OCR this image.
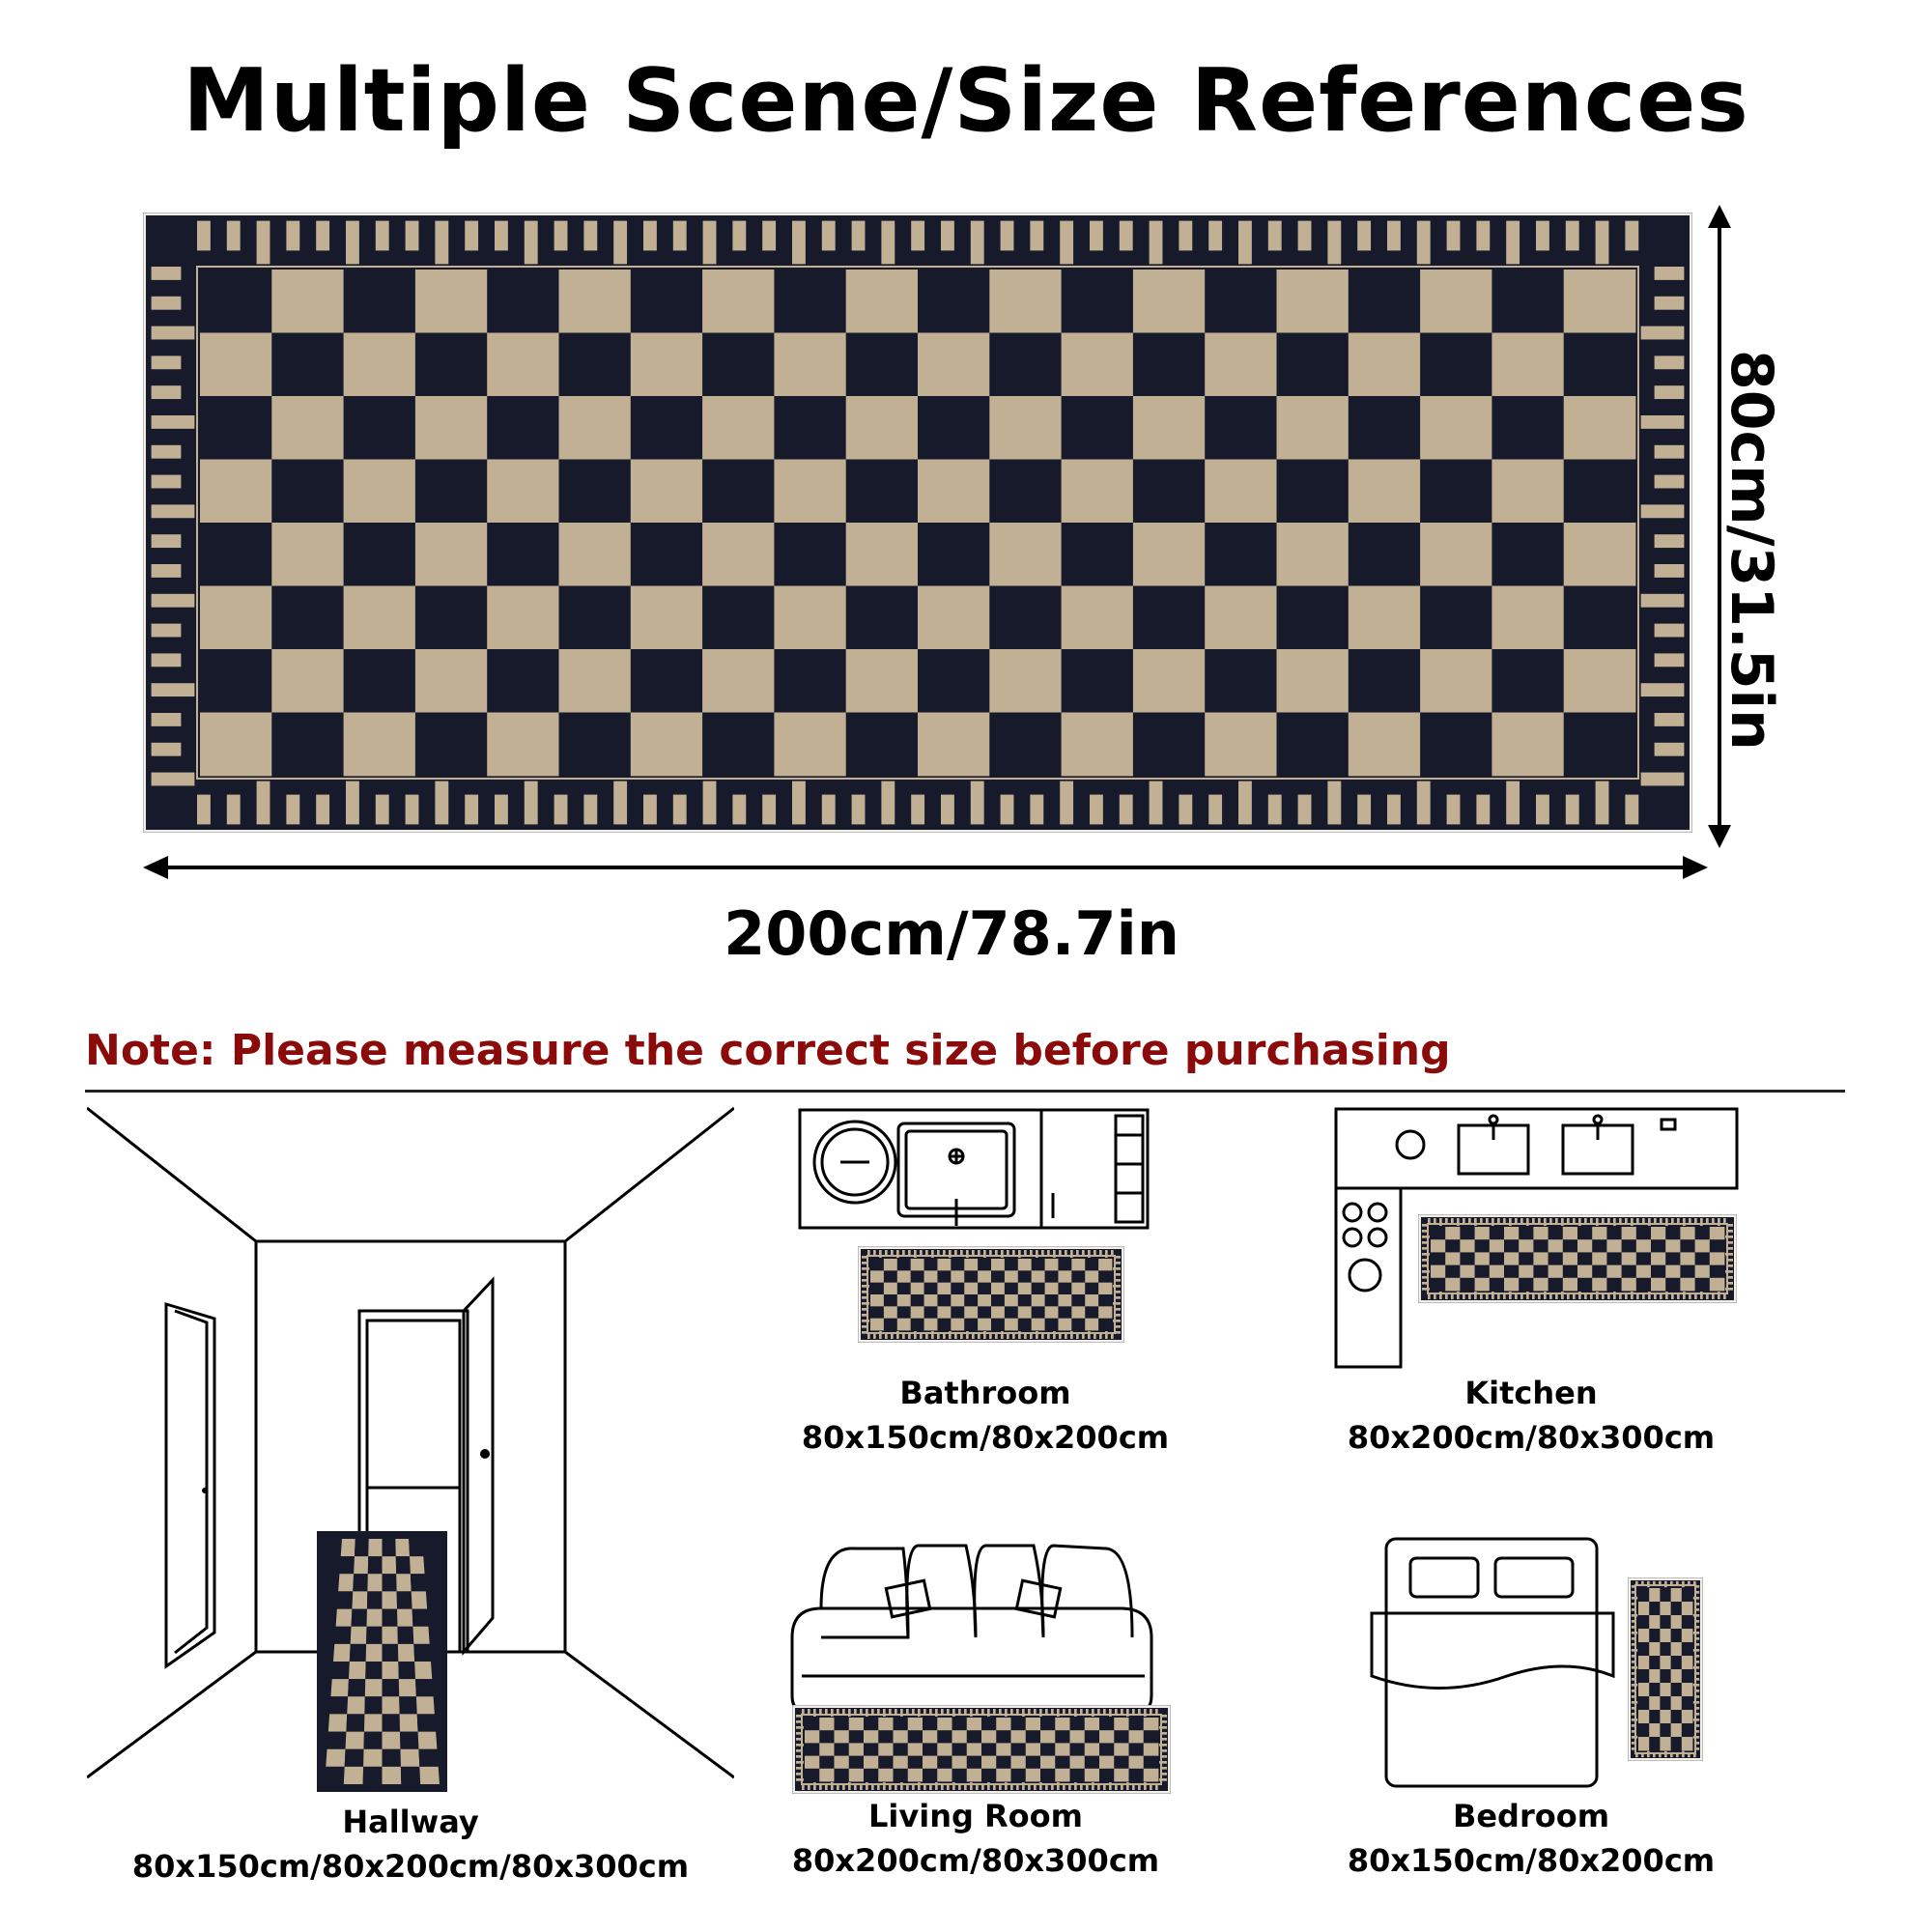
Multiple Scene/Size References
80cm/31.5in
200cm/78.7in
Note: Please measure the correct size before purchasing
Hallway
80x150cm/80x200cm/80x300cm
Bathroom
80x150cm/80x200cm
Kitchen
80x200cm/80x300cm
Living Room
80x200cm/80x300cm
Bedroom
80x150cm/80x200cm
